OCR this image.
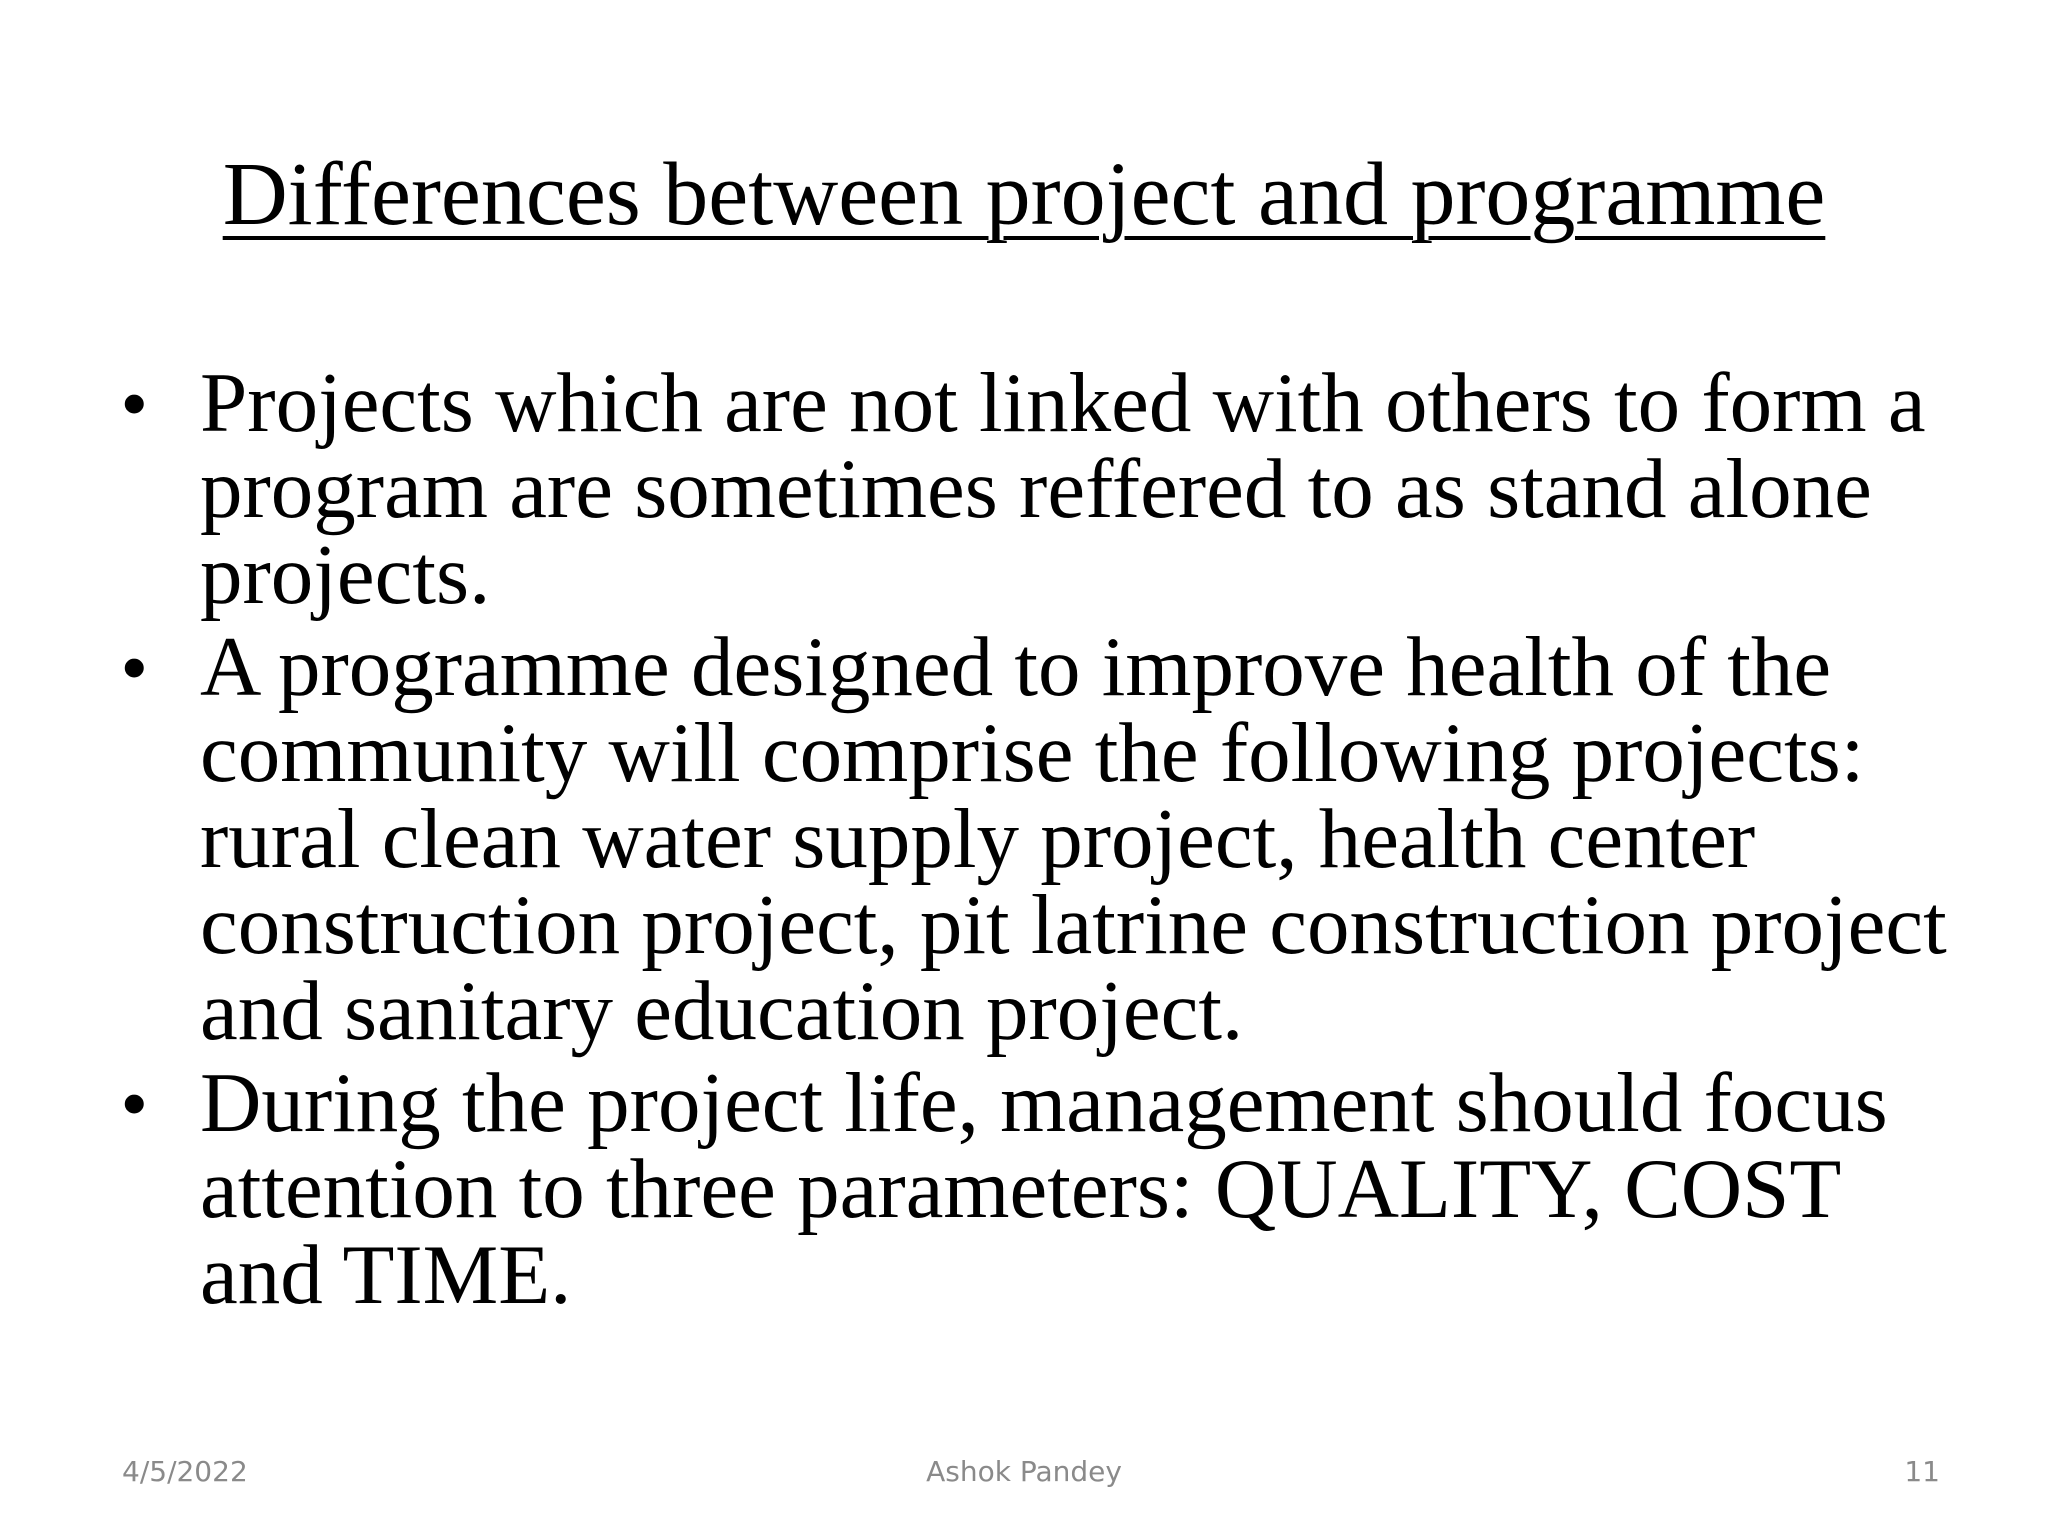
Differences between project and programme
• Projects which are not linked with others to form a program are sometimes reffered to as stand alone projects.
• A programme designed to improve health of the community will comprise the following projects: rural clean water supply project, health center construction project, pit latrine construction project and sanitary education project.
• During the project life, management should focus attention to three parameters: QUALITY, COST and TIME.
4/5/2022	Ashok Pandey	11
